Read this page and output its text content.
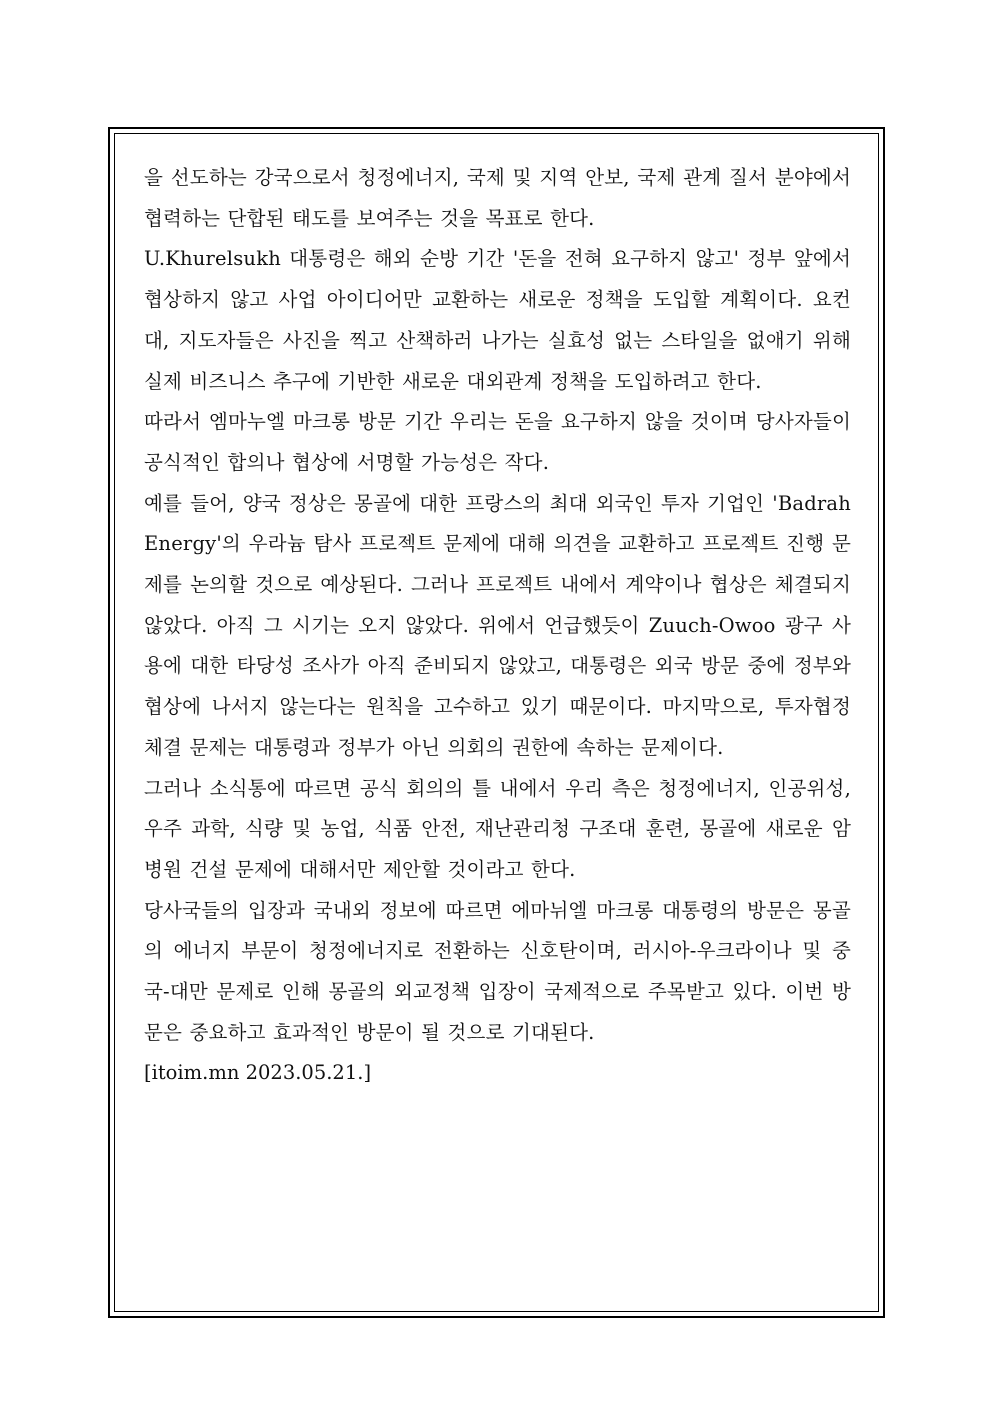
을 선도하는 강국으로서 청정에너지, 국제 및 지역 안보, 국제 관계 질서 분야에서 협력하는 단합된 태도를 보여주는 것을 목표로 한다.

U.Khurelsukh 대통령은 해외 순방 기간 '돈을 전혀 요구하지 않고' 정부 앞에서 협상하지 않고 사업 아이디어만 교환하는 새로운 정책을 도입할 계획이다. 요컨대, 지도자들은 사진을 찍고 산책하러 나가는 실효성 없는 스타일을 없애기 위해 실제 비즈니스 추구에 기반한 새로운 대외관계 정책을 도입하려고 한다.

따라서 엠마누엘 마크롱 방문 기간 우리는 돈을 요구하지 않을 것이며 당사자들이 공식적인 합의나 협상에 서명할 가능성은 작다.

예를 들어, 양국 정상은 몽골에 대한 프랑스의 최대 외국인 투자 기업인 'Badrah Energy'의 우라늄 탐사 프로젝트 문제에 대해 의견을 교환하고 프로젝트 진행 문제를 논의할 것으로 예상된다. 그러나 프로젝트 내에서 계약이나 협상은 체결되지 않았다. 아직 그 시기는 오지 않았다. 위에서 언급했듯이 Zuuch-Owoo 광구 사용에 대한 타당성 조사가 아직 준비되지 않았고, 대통령은 외국 방문 중에 정부와 협상에 나서지 않는다는 원칙을 고수하고 있기 때문이다. 마지막으로, 투자협정 체결 문제는 대통령과 정부가 아닌 의회의 권한에 속하는 문제이다.

그러나 소식통에 따르면 공식 회의의 틀 내에서 우리 측은 청정에너지, 인공위성, 우주 과학, 식량 및 농업, 식품 안전, 재난관리청 구조대 훈련, 몽골에 새로운 암 병원 건설 문제에 대해서만 제안할 것이라고 한다.

당사국들의 입장과 국내외 정보에 따르면 에마뉘엘 마크롱 대통령의 방문은 몽골의 에너지 부문이 청정에너지로 전환하는 신호탄이며, 러시아-우크라이나 및 중국-대만 문제로 인해 몽골의 외교정책 입장이 국제적으로 주목받고 있다. 이번 방문은 중요하고 효과적인 방문이 될 것으로 기대된다.

[itoim.mn 2023.05.21.]
